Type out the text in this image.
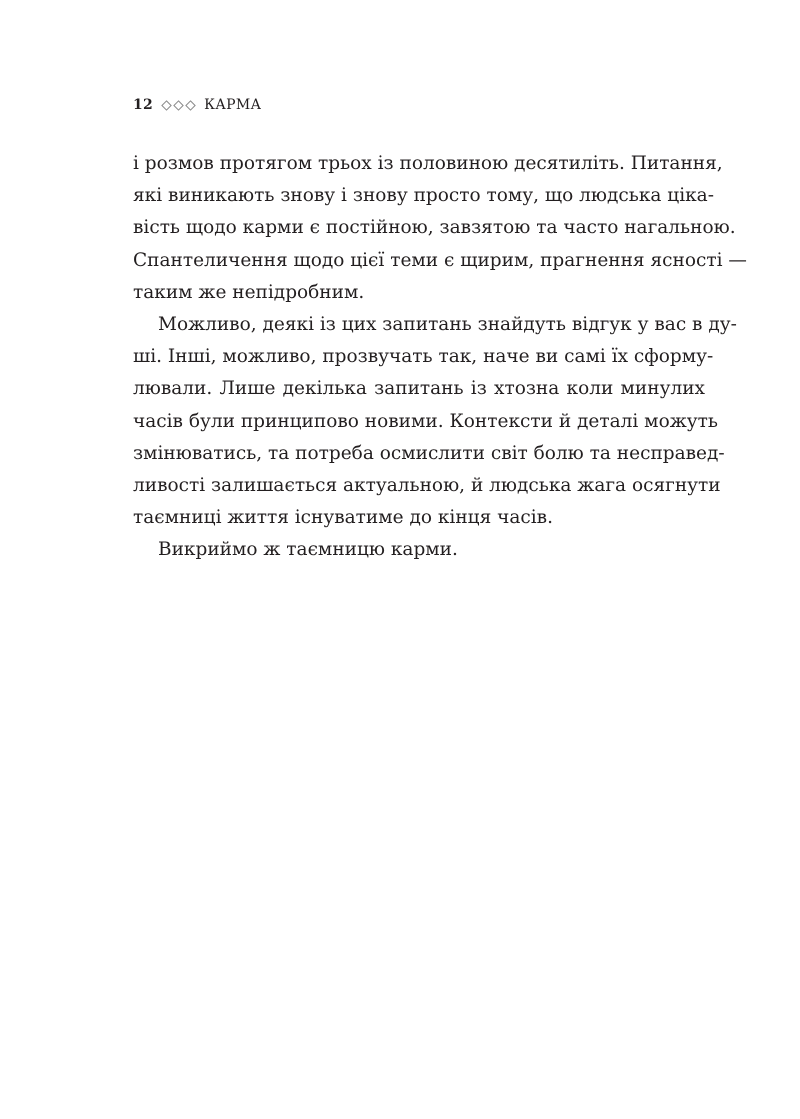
12	КАРМА
і розмов протягом трьох із половиною десятиліть. Питання,
які виникають знову і знову просто тому, що людська ціка-
вість щодо карми є постійною, завзятою та часто нагальною.
Спантеличення щодо цієї теми є щирим, прагнення ясності —
таким же непідробним.
Можливо, деякі із цих запитань знайдуть відгук у вас в ду-
ші. Інші, можливо, прозвучать так, наче ви самі їх сформу-
лювали. Лише декілька запитань із хтозна коли минулих
часів були принципово новими. Контексти й деталі можуть
змінюватись, та потреба осмислити світ болю та несправед-
ливості залишається актуальною, й людська жага осягнути
таємниці життя існуватиме до кінця часів.
Викриймо ж таємницю карми.
